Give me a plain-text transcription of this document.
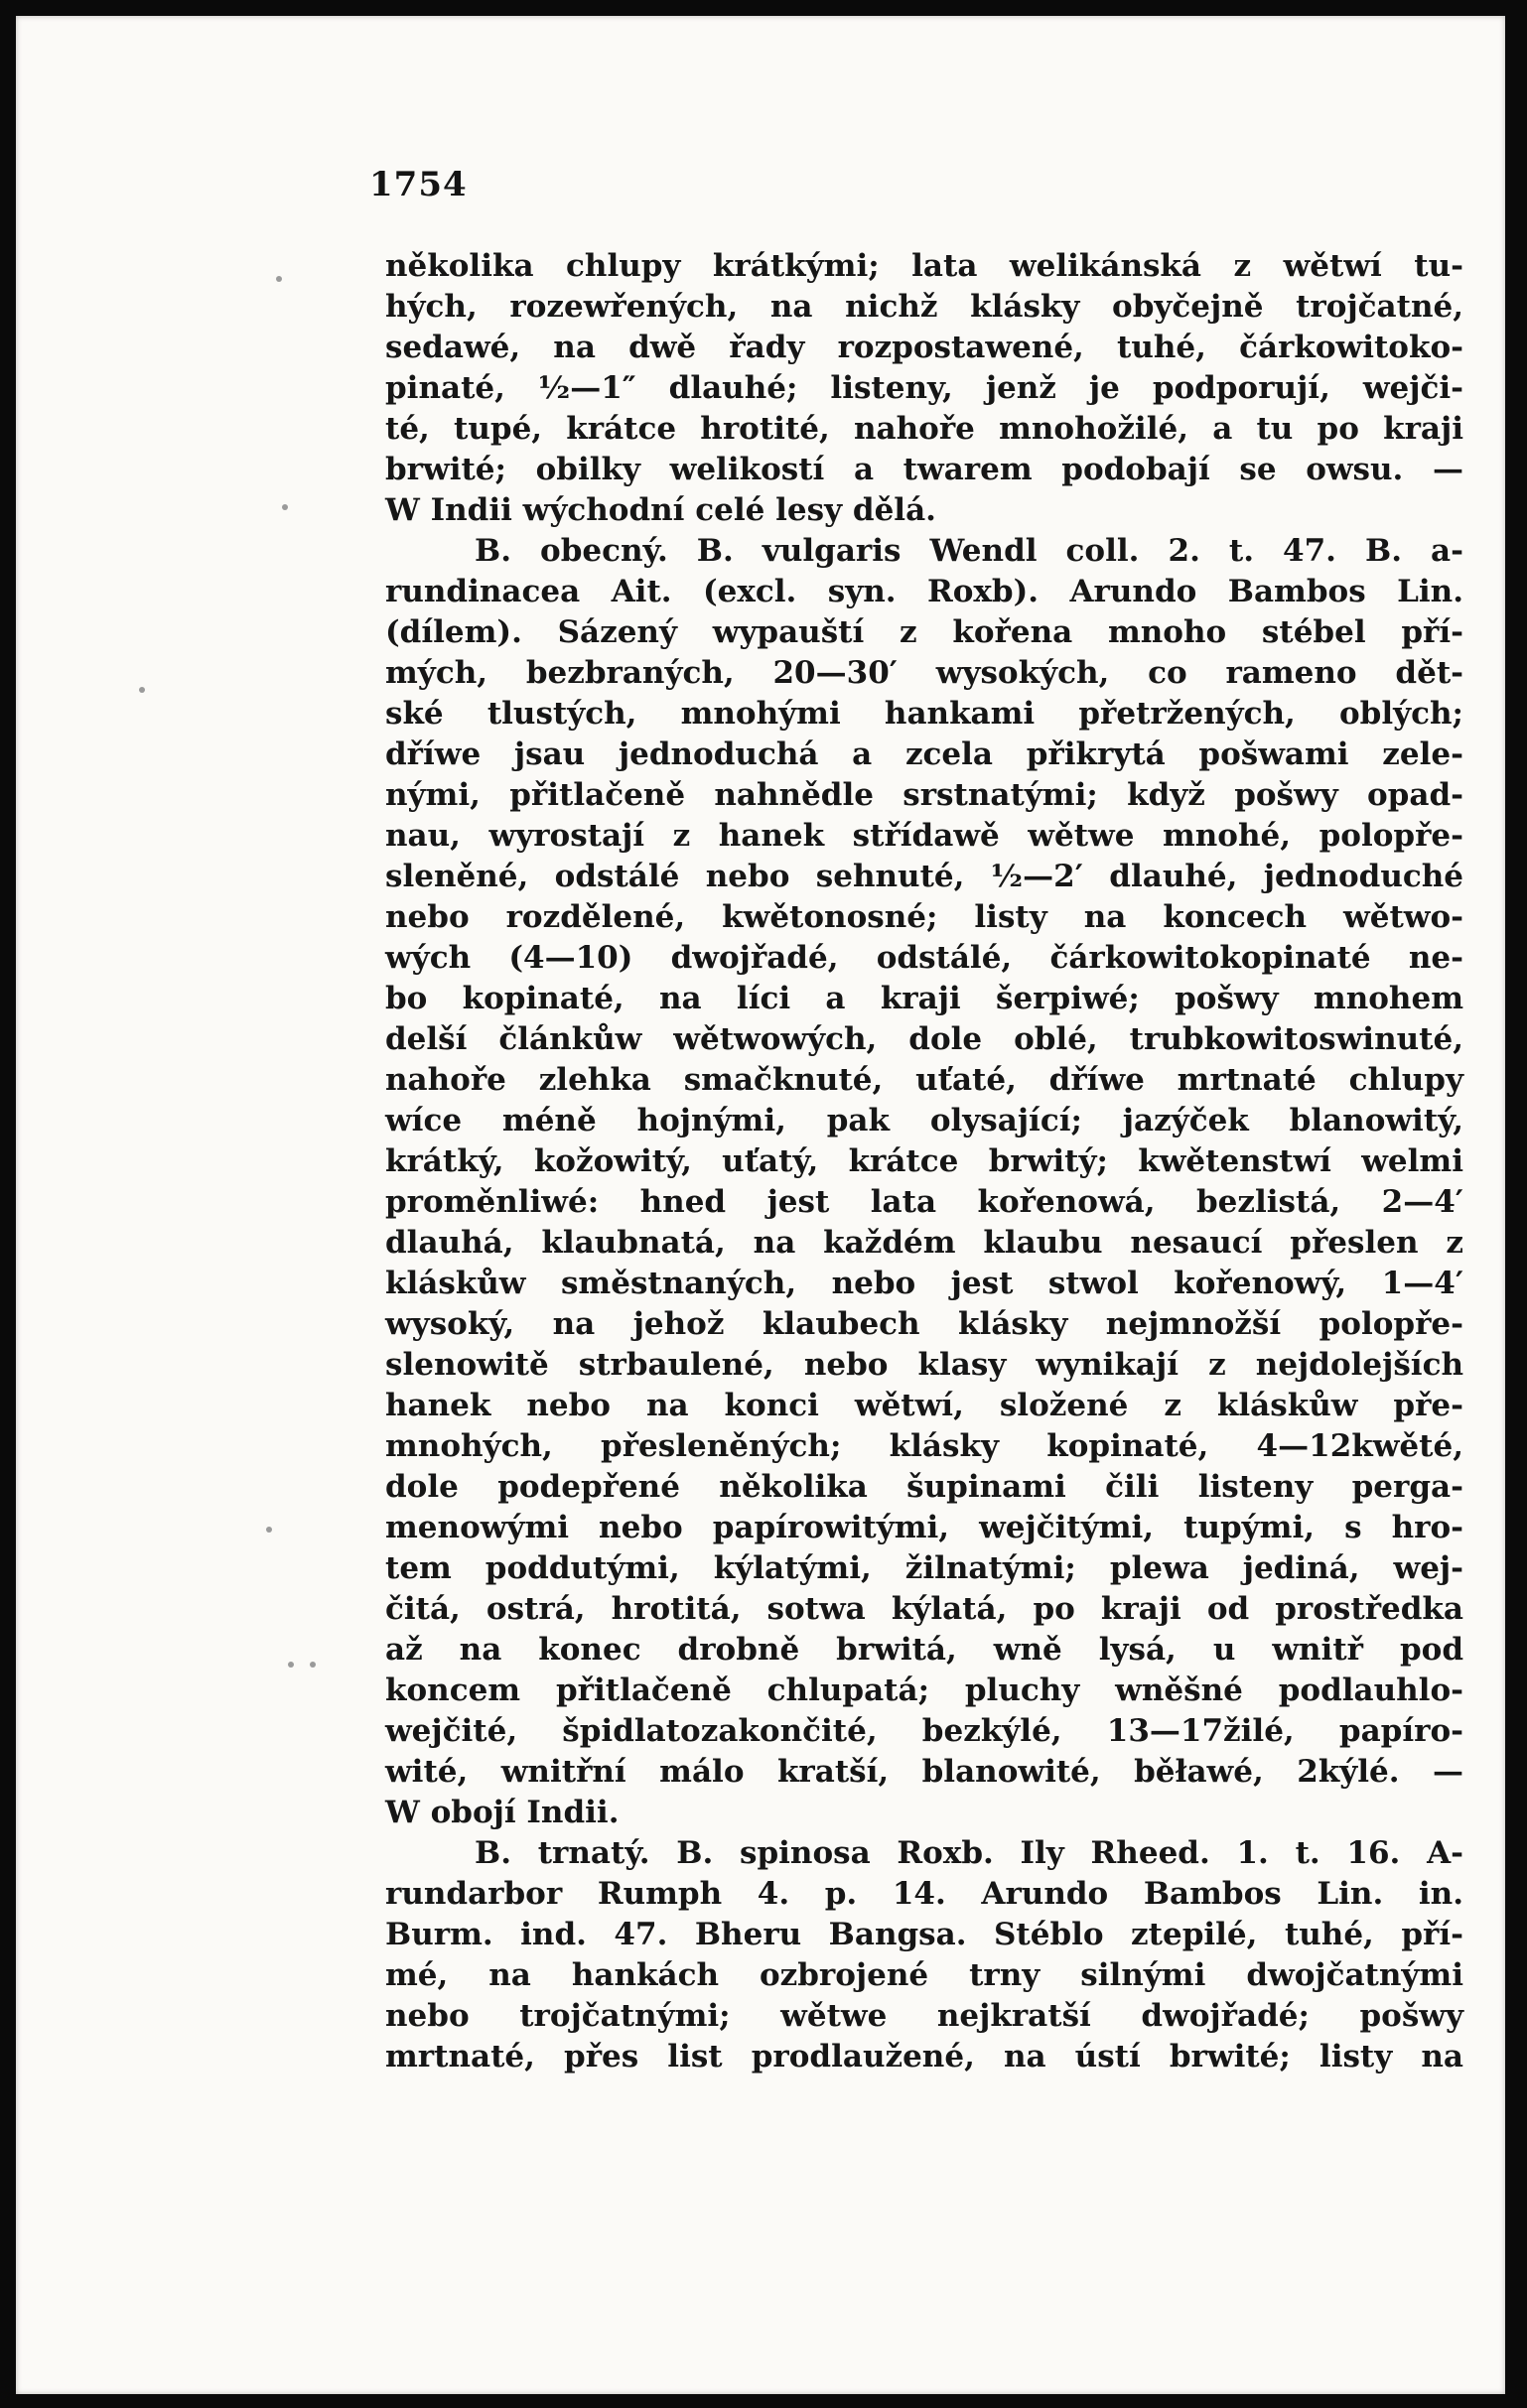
1754
několika chlupy krátkými; lata welikánská z wětwí tu-
hých, rozewřených, na nichž klásky obyčejně trojčatné,
sedawé, na dwě řady rozpostawené, tuhé, čárkowitoko-
pinaté, ½—1″ dlauhé; listeny, jenž je podporují, wejči-
té, tupé, krátce hrotité, nahoře mnohožilé, a tu po kraji
brwité; obilky welikostí a twarem podobají se owsu. —
W Indii wýchodní celé lesy dělá.
B. obecný. B. vulgaris Wendl coll. 2. t. 47. B. a-
rundinacea Ait. (excl. syn. Roxb). Arundo Bambos Lin.
(dílem). Sázený wypauští z kořena mnoho stébel pří-
mých, bezbraných, 20—30′ wysokých, co rameno dět-
ské tlustých, mnohými hankami přetržených, oblých;
dříwe jsau jednoduchá a zcela přikrytá pošwami zele-
nými, přitlačeně nahnědle srstnatými; když pošwy opad-
nau, wyrostají z hanek střídawě wětwe mnohé, polopře-
sleněné, odstálé nebo sehnuté, ½—2′ dlauhé, jednoduché
nebo rozdělené, kwětonosné; listy na koncech wětwo-
wých (4—10) dwojřadé, odstálé, čárkowitokopinaté ne-
bo kopinaté, na líci a kraji šerpiwé; pošwy mnohem
delší článkůw wětwowých, dole oblé, trubkowitoswinuté,
nahoře zlehka smačknuté, uťaté, dříwe mrtnaté chlupy
wíce méně hojnými, pak olysající; jazýček blanowitý,
krátký, kožowitý, uťatý, krátce brwitý; kwětenstwí welmi
proměnliwé: hned jest lata kořenowá, bezlistá, 2—4′
dlauhá, klaubnatá, na každém klaubu nesaucí přeslen z
kláskůw směstnaných, nebo jest stwol kořenowý, 1—4′
wysoký, na jehož klaubech klásky nejmnožší polopře-
slenowitě strbaulené, nebo klasy wynikají z nejdolejších
hanek nebo na konci wětwí, složené z kláskůw pře-
mnohých, přesleněných; klásky kopinaté, 4—12kwěté,
dole podepřené několika šupinami čili listeny perga-
menowými nebo papírowitými, wejčitými, tupými, s hro-
tem poddutými, kýlatými, žilnatými; plewa jediná, wej-
čitá, ostrá, hrotitá, sotwa kýlatá, po kraji od prostředka
až na konec drobně brwitá, wně lysá, u wnitř pod
koncem přitlačeně chlupatá; pluchy wněšné podlauhlo-
wejčité, špidlatozakončité, bezkýlé, 13—17žilé, papíro-
wité, wnitřní málo kratší, blanowité, běławé, 2kýlé. —
W obojí Indii.
B. trnatý. B. spinosa Roxb. Ily Rheed. 1. t. 16. A-
rundarbor Rumph 4. p. 14. Arundo Bambos Lin. in.
Burm. ind. 47. Bheru Bangsa. Stéblo ztepilé, tuhé, pří-
mé, na hankách ozbrojené trny silnými dwojčatnými
nebo trojčatnými; wětwe nejkratší dwojřadé; pošwy
mrtnaté, přes list prodlaužené, na ústí brwité; listy na
